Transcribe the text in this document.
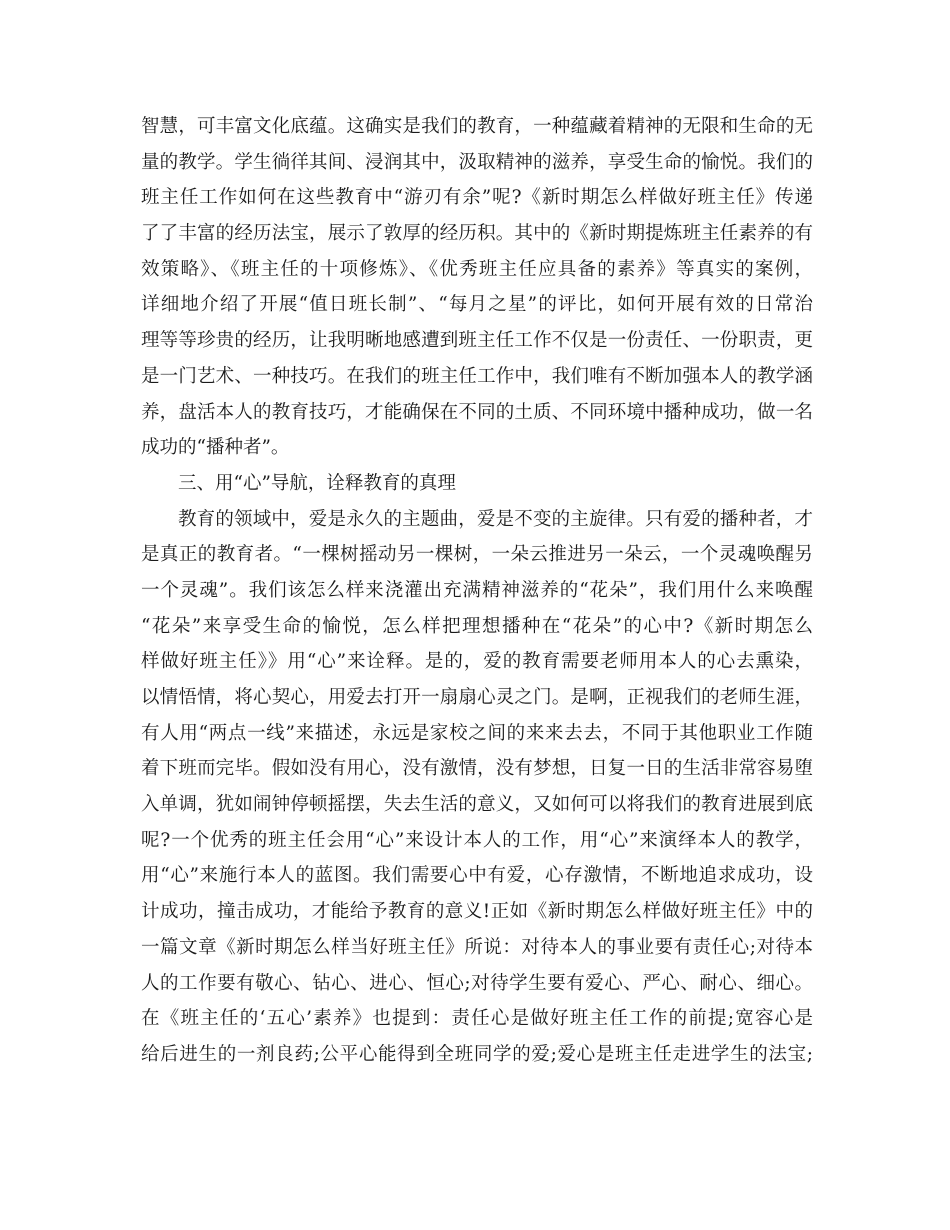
智慧，可丰富文化底蕴。这确实是我们的教育，一种蕴藏着精神的无限和生命的无
量的教学。学生徜徉其间、浸润其中，汲取精神的滋养，享受生命的愉悦。我们的
班主任工作如何在这些教育中“游刃有余”呢?《新时期怎么样做好班主任》传递
了了丰富的经历法宝，展示了敦厚的经历积。其中的《新时期提炼班主任素养的有
效策略》、《班主任的十项修炼》、《优秀班主任应具备的素养》等真实的案例，
详细地介绍了开展“值日班长制”、“每月之星”的评比，如何开展有效的日常治
理等等珍贵的经历，让我明晰地感遭到班主任工作不仅是一份责任、一份职责，更
是一门艺术、一种技巧。在我们的班主任工作中，我们唯有不断加强本人的教学涵
养，盘活本人的教育技巧，才能确保在不同的土质、不同环境中播种成功，做一名
成功的“播种者”。
三、用“心”导航，诠释教育的真理
教育的领域中，爱是永久的主题曲，爱是不变的主旋律。只有爱的播种者，才
是真正的教育者。“一棵树摇动另一棵树，一朵云推进另一朵云，一个灵魂唤醒另
一个灵魂”。我们该怎么样来浇灌出充满精神滋养的“花朵”，我们用什么来唤醒
“花朵”来享受生命的愉悦，怎么样把理想播种在“花朵”的心中?《新时期怎么
样做好班主任》》用“心”来诠释。是的，爱的教育需要老师用本人的心去熏染，
以情悟情，将心契心，用爱去打开一扇扇心灵之门。是啊，正视我们的老师生涯，
有人用“两点一线”来描述，永远是家校之间的来来去去，不同于其他职业工作随
着下班而完毕。假如没有用心，没有激情，没有梦想，日复一日的生活非常容易堕
入单调，犹如闹钟停顿摇摆，失去生活的意义，又如何可以将我们的教育进展到底
呢?一个优秀的班主任会用“心”来设计本人的工作，用“心”来演绎本人的教学，
用“心”来施行本人的蓝图。我们需要心中有爱，心存激情，不断地追求成功，设
计成功，撞击成功，才能给予教育的意义!正如《新时期怎么样做好班主任》中的
一篇文章《新时期怎么样当好班主任》所说：对待本人的事业要有责任心;对待本
人的工作要有敬心、钻心、进心、恒心;对待学生要有爱心、严心、耐心、细心。
在《班主任的‘五心’素养》也提到：责任心是做好班主任工作的前提;宽容心是
给后进生的一剂良药;公平心能得到全班同学的爱;爱心是班主任走进学生的法宝;
